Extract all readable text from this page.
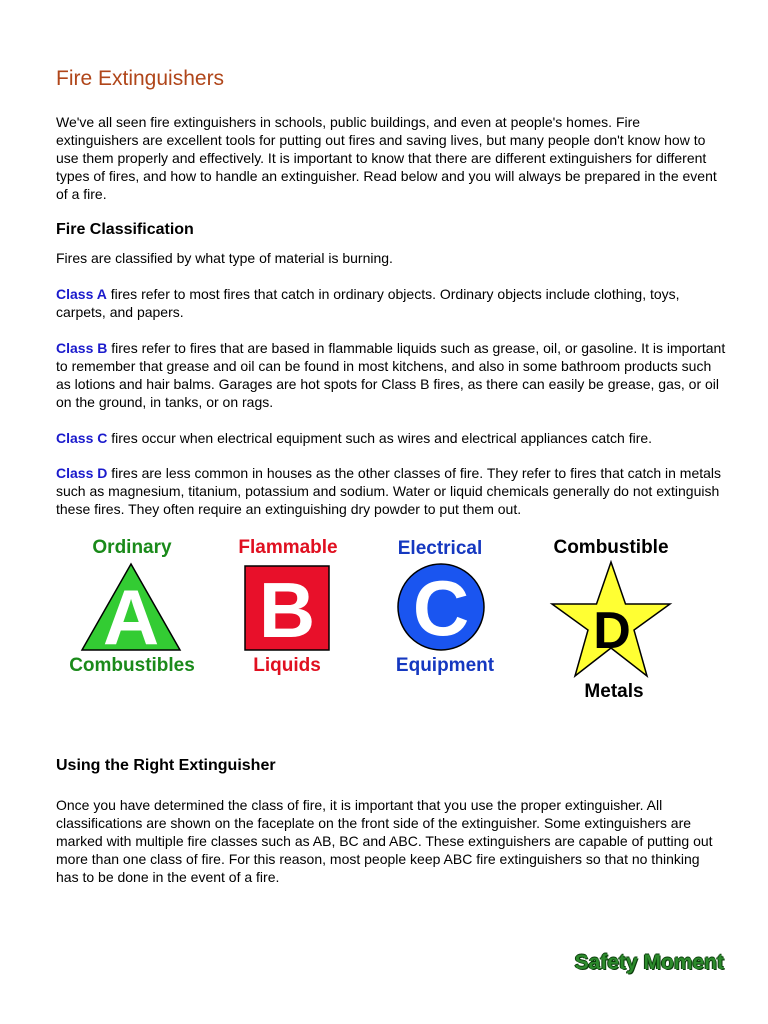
Fire Extinguishers

We've all seen fire extinguishers in schools, public buildings, and even at people's homes. Fire extinguishers are excellent tools for putting out fires and saving lives, but many people don't know how to use them properly and effectively. It is important to know that there are different extinguishers for different types of fires, and how to handle an extinguisher. Read below and you will always be prepared in the event of a fire.

Fire Classification

Fires are classified by what type of material is burning.

Class A fires refer to most fires that catch in ordinary objects. Ordinary objects include clothing, toys, carpets, and papers.

Class B fires refer to fires that are based in flammable liquids such as grease, oil, or gasoline. It is important to remember that grease and oil can be found in most kitchens, and also in some bathroom products such as lotions and hair balms. Garages are hot spots for Class B fires, as there can easily be grease, gas, or oil on the ground, in tanks, or on rags.

Class C fires occur when electrical equipment such as wires and electrical appliances catch fire.

Class D fires are less common in houses as the other classes of fire. They refer to fires that catch in metals such as magnesium, titanium, potassium and sodium. Water or liquid chemicals generally do not extinguish these fires. They often require an extinguishing dry powder to put them out.

Using the Right Extinguisher

Once you have determined the class of fire, it is important that you use the proper extinguisher. All classifications are shown on the faceplate on the front side of the extinguisher. Some extinguishers are marked with multiple fire classes such as AB, BC and ABC. These extinguishers are capable of putting out more than one class of fire. For this reason, most people keep ABC fire extinguishers so that no thinking has to be done in the event of a fire.

Ordinary
A
Combustibles
Flammable
B
Liquids
Electrical
C
Equipment
Combustible
D
Metals
Safety Moment
